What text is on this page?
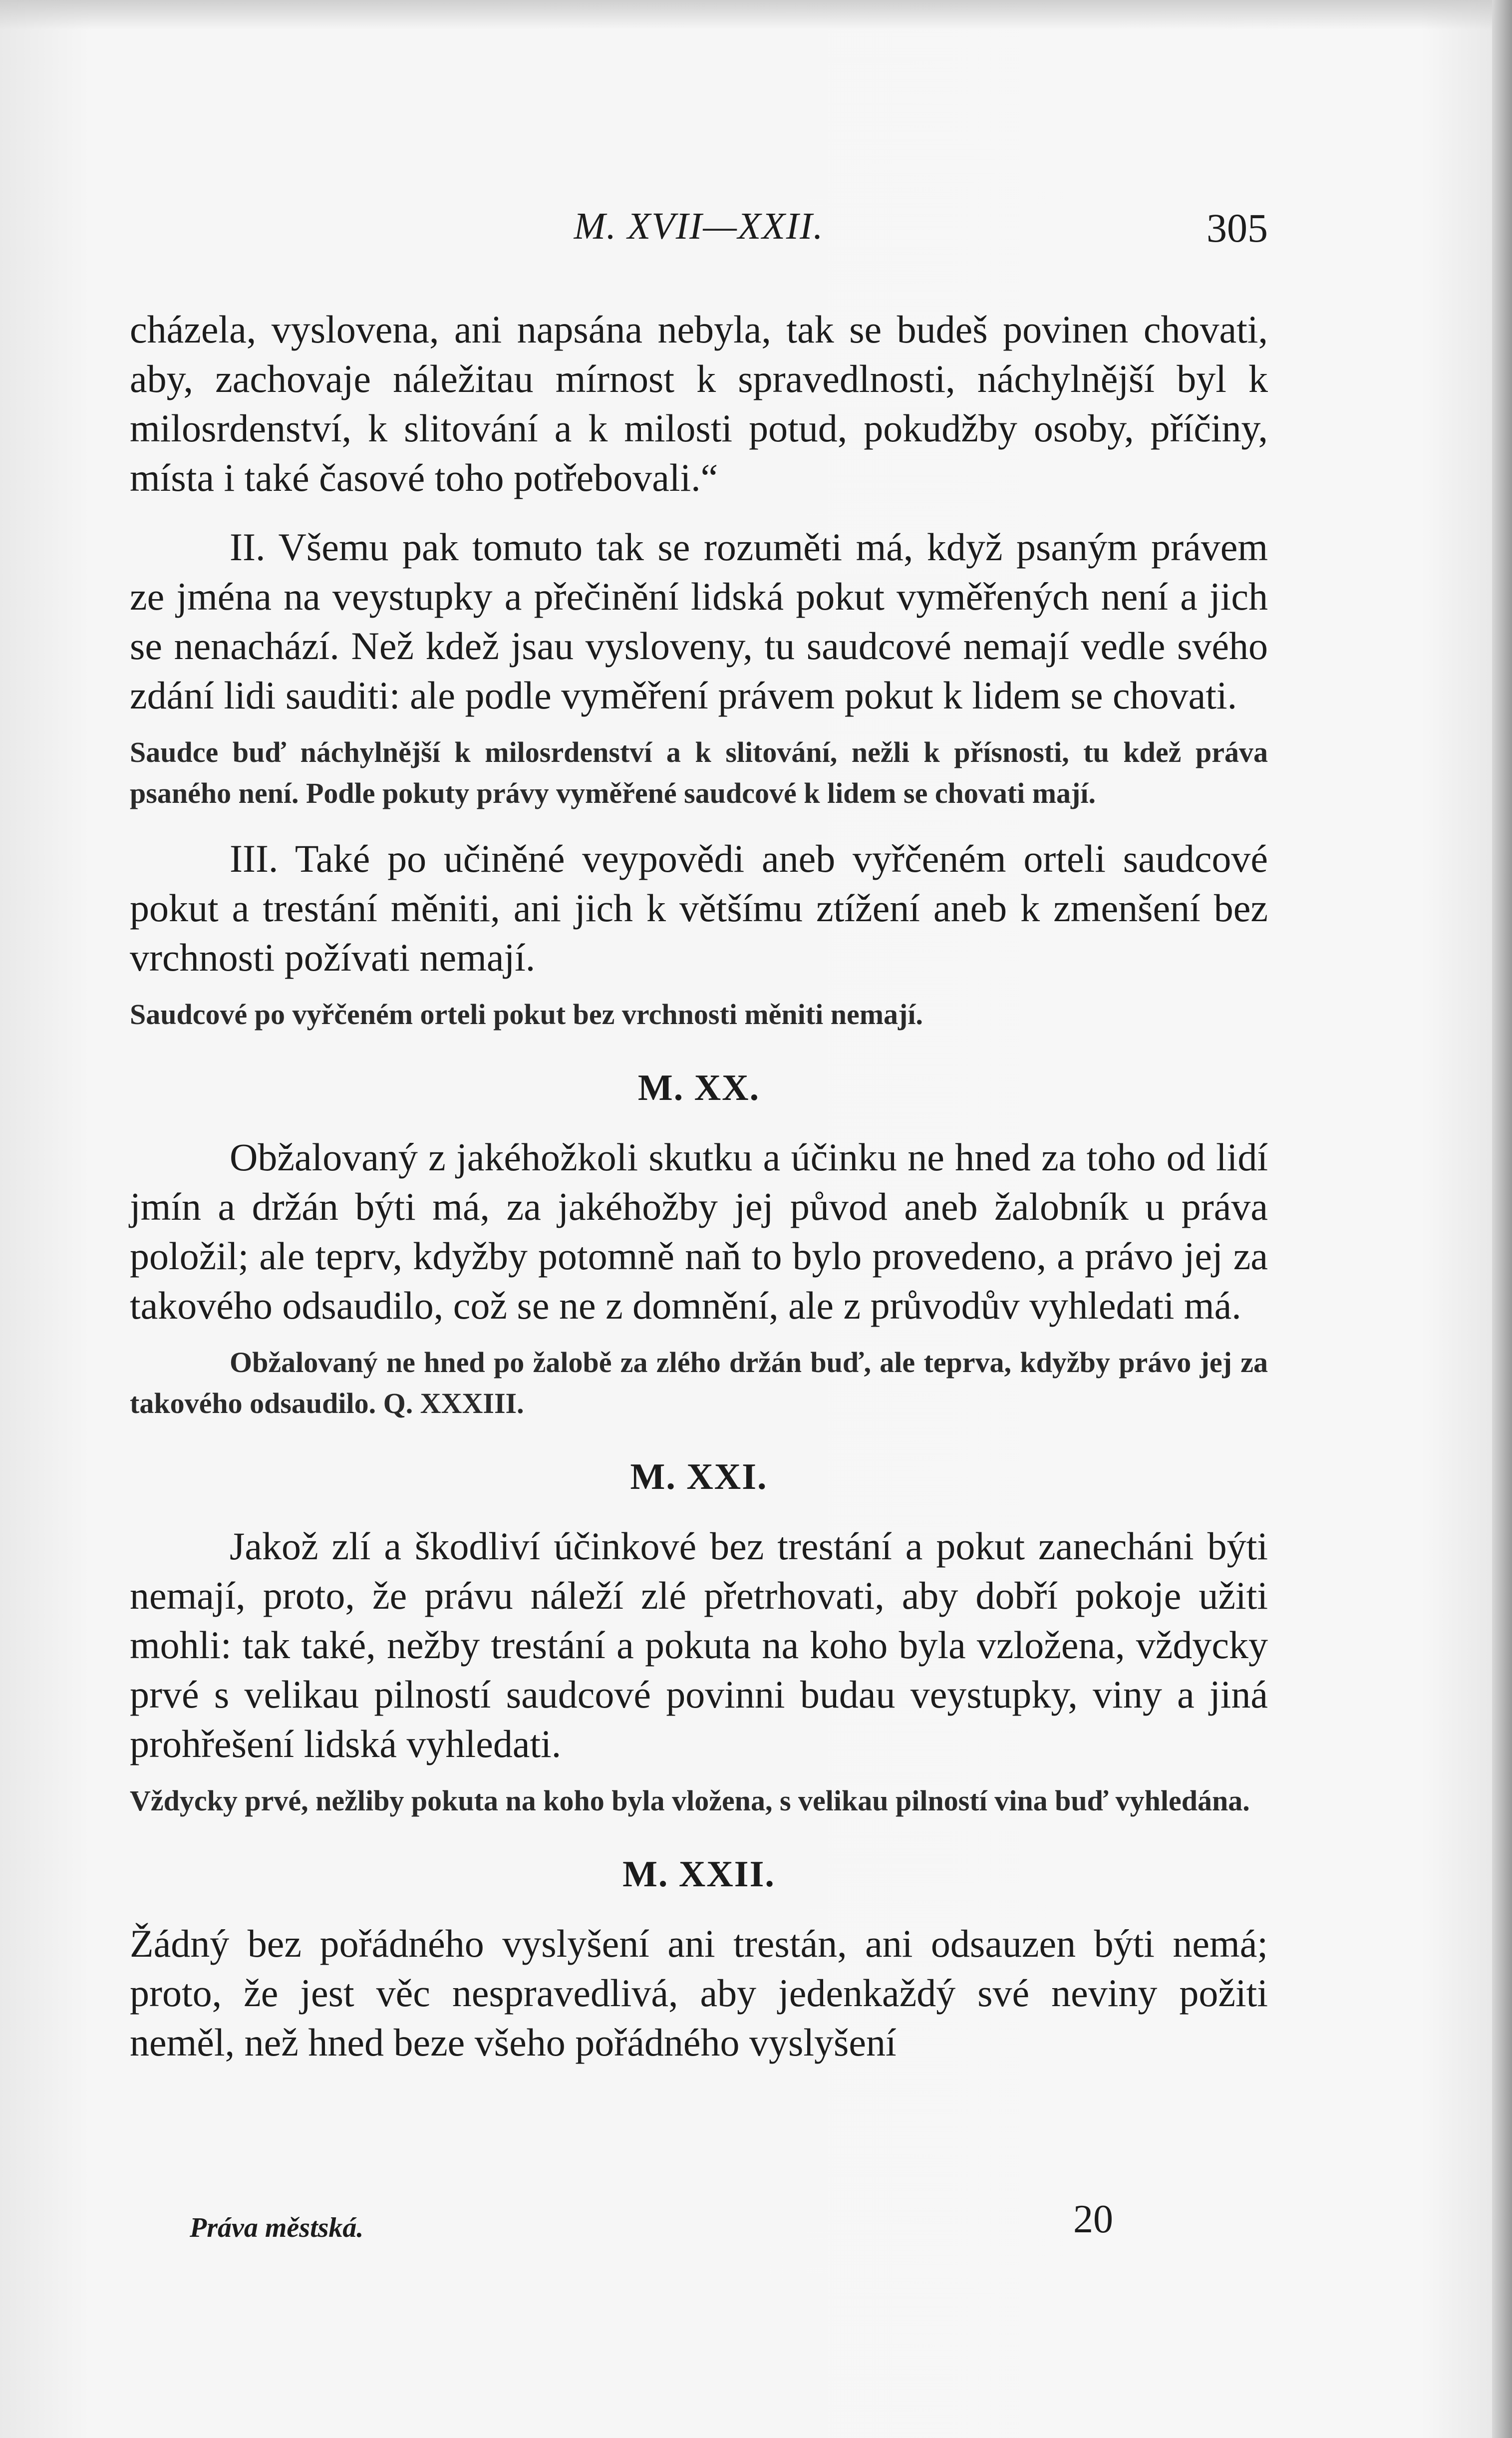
M. XVII—XXII.	305

cházela, vyslovena, ani napsána nebyla, tak se budeš povinen chovati, aby, zachovaje náležitau mírnost k spravedlnosti, náchylnější byl k milosrdenství, k slitování a k milosti potud, pokudžby osoby, příčiny, místa i také časové toho potřebovali.“

II. Všemu pak tomuto tak se rozuměti má, když psaným právem ze jména na veystupky a přečinění lidská pokut vyměřených není a jich se nenachází. Než kdež jsau vysloveny, tu saudcové nemají vedle svého zdání lidi sauditi: ale podle vyměření právem pokut k lidem se chovati.

Saudce buď náchylnější k milosrdenství a k slitování, nežli k přísnosti, tu kdež práva psaného není. Podle pokuty právy vyměřené saudcové k lidem se chovati mají.

III. Také po učiněné veypovědi aneb vyřčeném orteli saudcové pokut a trestání měniti, ani jich k většímu ztížení aneb k zmenšení bez vrchnosti požívati nemají.

Saudcové po vyřčeném orteli pokut bez vrchnosti měniti nemají.

M. XX.

Obžalovaný z jakéhožkoli skutku a účinku ne hned za toho od lidí jmín a držán býti má, za jakéhožby jej původ aneb žalobník u práva položil; ale teprv, kdyžby potomně naň to bylo provedeno, a právo jej za takového odsaudilo, což se ne z domnění, ale z průvodův vyhledati má.

Obžalovaný ne hned po žalobě za zlého držán buď, ale teprva, kdyžby právo jej za takového odsaudilo. Q. XXXIII.

M. XXI.

Jakož zlí a škodliví účinkové bez trestání a pokut zanecháni býti nemají, proto, že právu náleží zlé přetrhovati, aby dobří pokoje užiti mohli: tak také, nežby trestání a pokuta na koho byla vzložena, vždycky prvé s velikau pilností saudcové povinni budau veystupky, viny a jiná prohřešení lidská vyhledati.

Vždycky prvé, nežliby pokuta na koho byla vložena, s velikau pilností vina buď vyhledána.

M. XXII.

Žádný bez pořádného vyslyšení ani trestán, ani odsauzen býti nemá; proto, že jest věc nespravedlivá, aby jedenkaždý své neviny požiti neměl, než hned beze všeho pořádného vyslyšení

Práva městská.	20
